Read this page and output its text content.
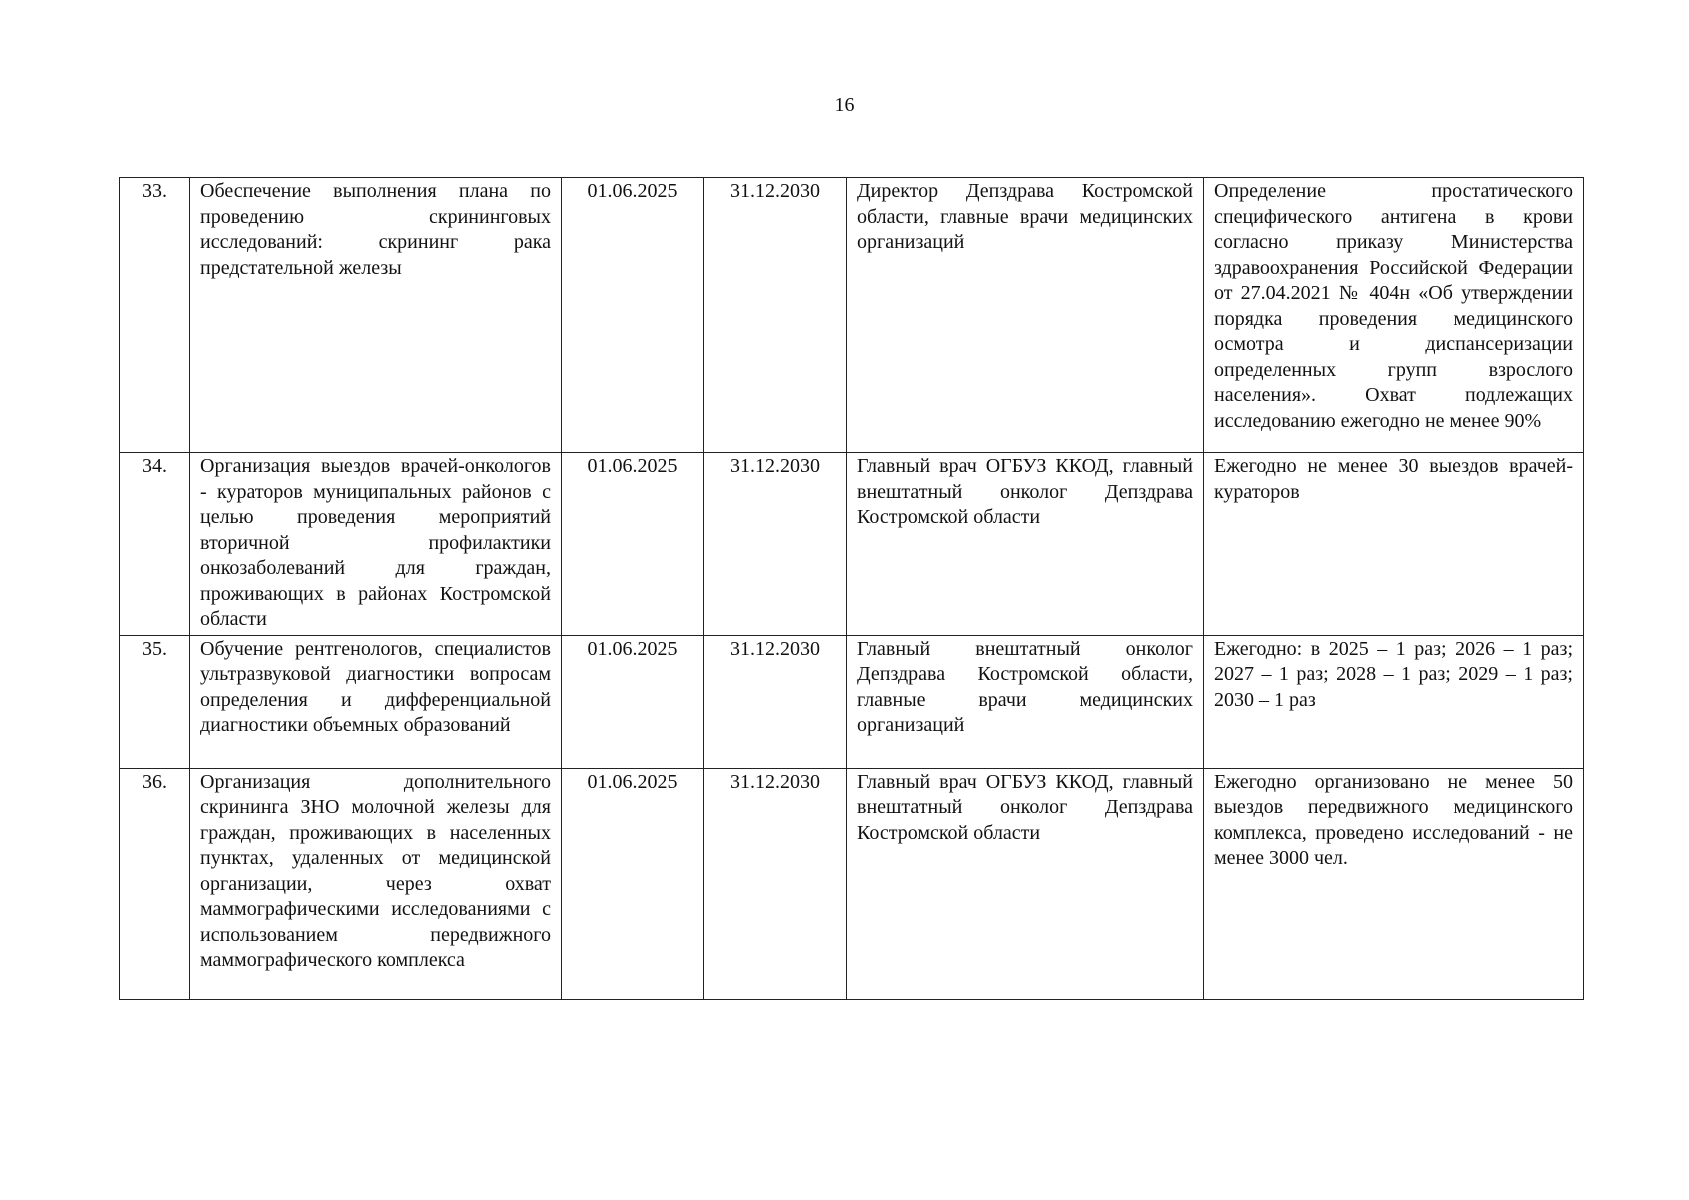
16
33.	Обеспечение выполнения плана по проведению скрининговых исследований: скрининг рака предстательной железы	01.06.2025	31.12.2030	Директор Депздрава Костромской области, главные врачи медицинских организаций	Определение простатического специфического антигена в крови согласно приказу Министерства здравоохранения Российской Федерации от 27.04.2021 № 404н «Об утверждении порядка проведения медицинского осмотра и диспансеризации определенных групп взрослого населения». Охват подлежащих исследованию ежегодно не менее 90%
34.	Организация выездов врачей-онкологов - кураторов муниципальных районов с целью проведения мероприятий вторичной профилактики онкозаболеваний для граждан, проживающих в районах Костромской области	01.06.2025	31.12.2030	Главный врач ОГБУЗ ККОД, главный внештатный онколог Депздрава Костромской области	Ежегодно не менее 30 выездов врачей-кураторов
35.	Обучение рентгенологов, специалистов ультразвуковой диагностики вопросам определения и дифференциальной диагностики объемных образований	01.06.2025	31.12.2030	Главный внештатный онколог Депздрава Костромской области, главные врачи медицинских организаций	Ежегодно: в 2025 – 1 раз; 2026 – 1 раз; 2027 – 1 раз; 2028 – 1 раз; 2029 – 1 раз; 2030 – 1 раз
36.	Организация дополнительного скрининга ЗНО молочной железы для граждан, проживающих в населенных пунктах, удаленных от медицинской организации, через охват маммографическими исследованиями с использованием передвижного маммографического комплекса	01.06.2025	31.12.2030	Главный врач ОГБУЗ ККОД, главный внештатный онколог Депздрава Костромской области	Ежегодно организовано не менее 50 выездов передвижного медицинского комплекса, проведено исследований - не менее 3000 чел.
